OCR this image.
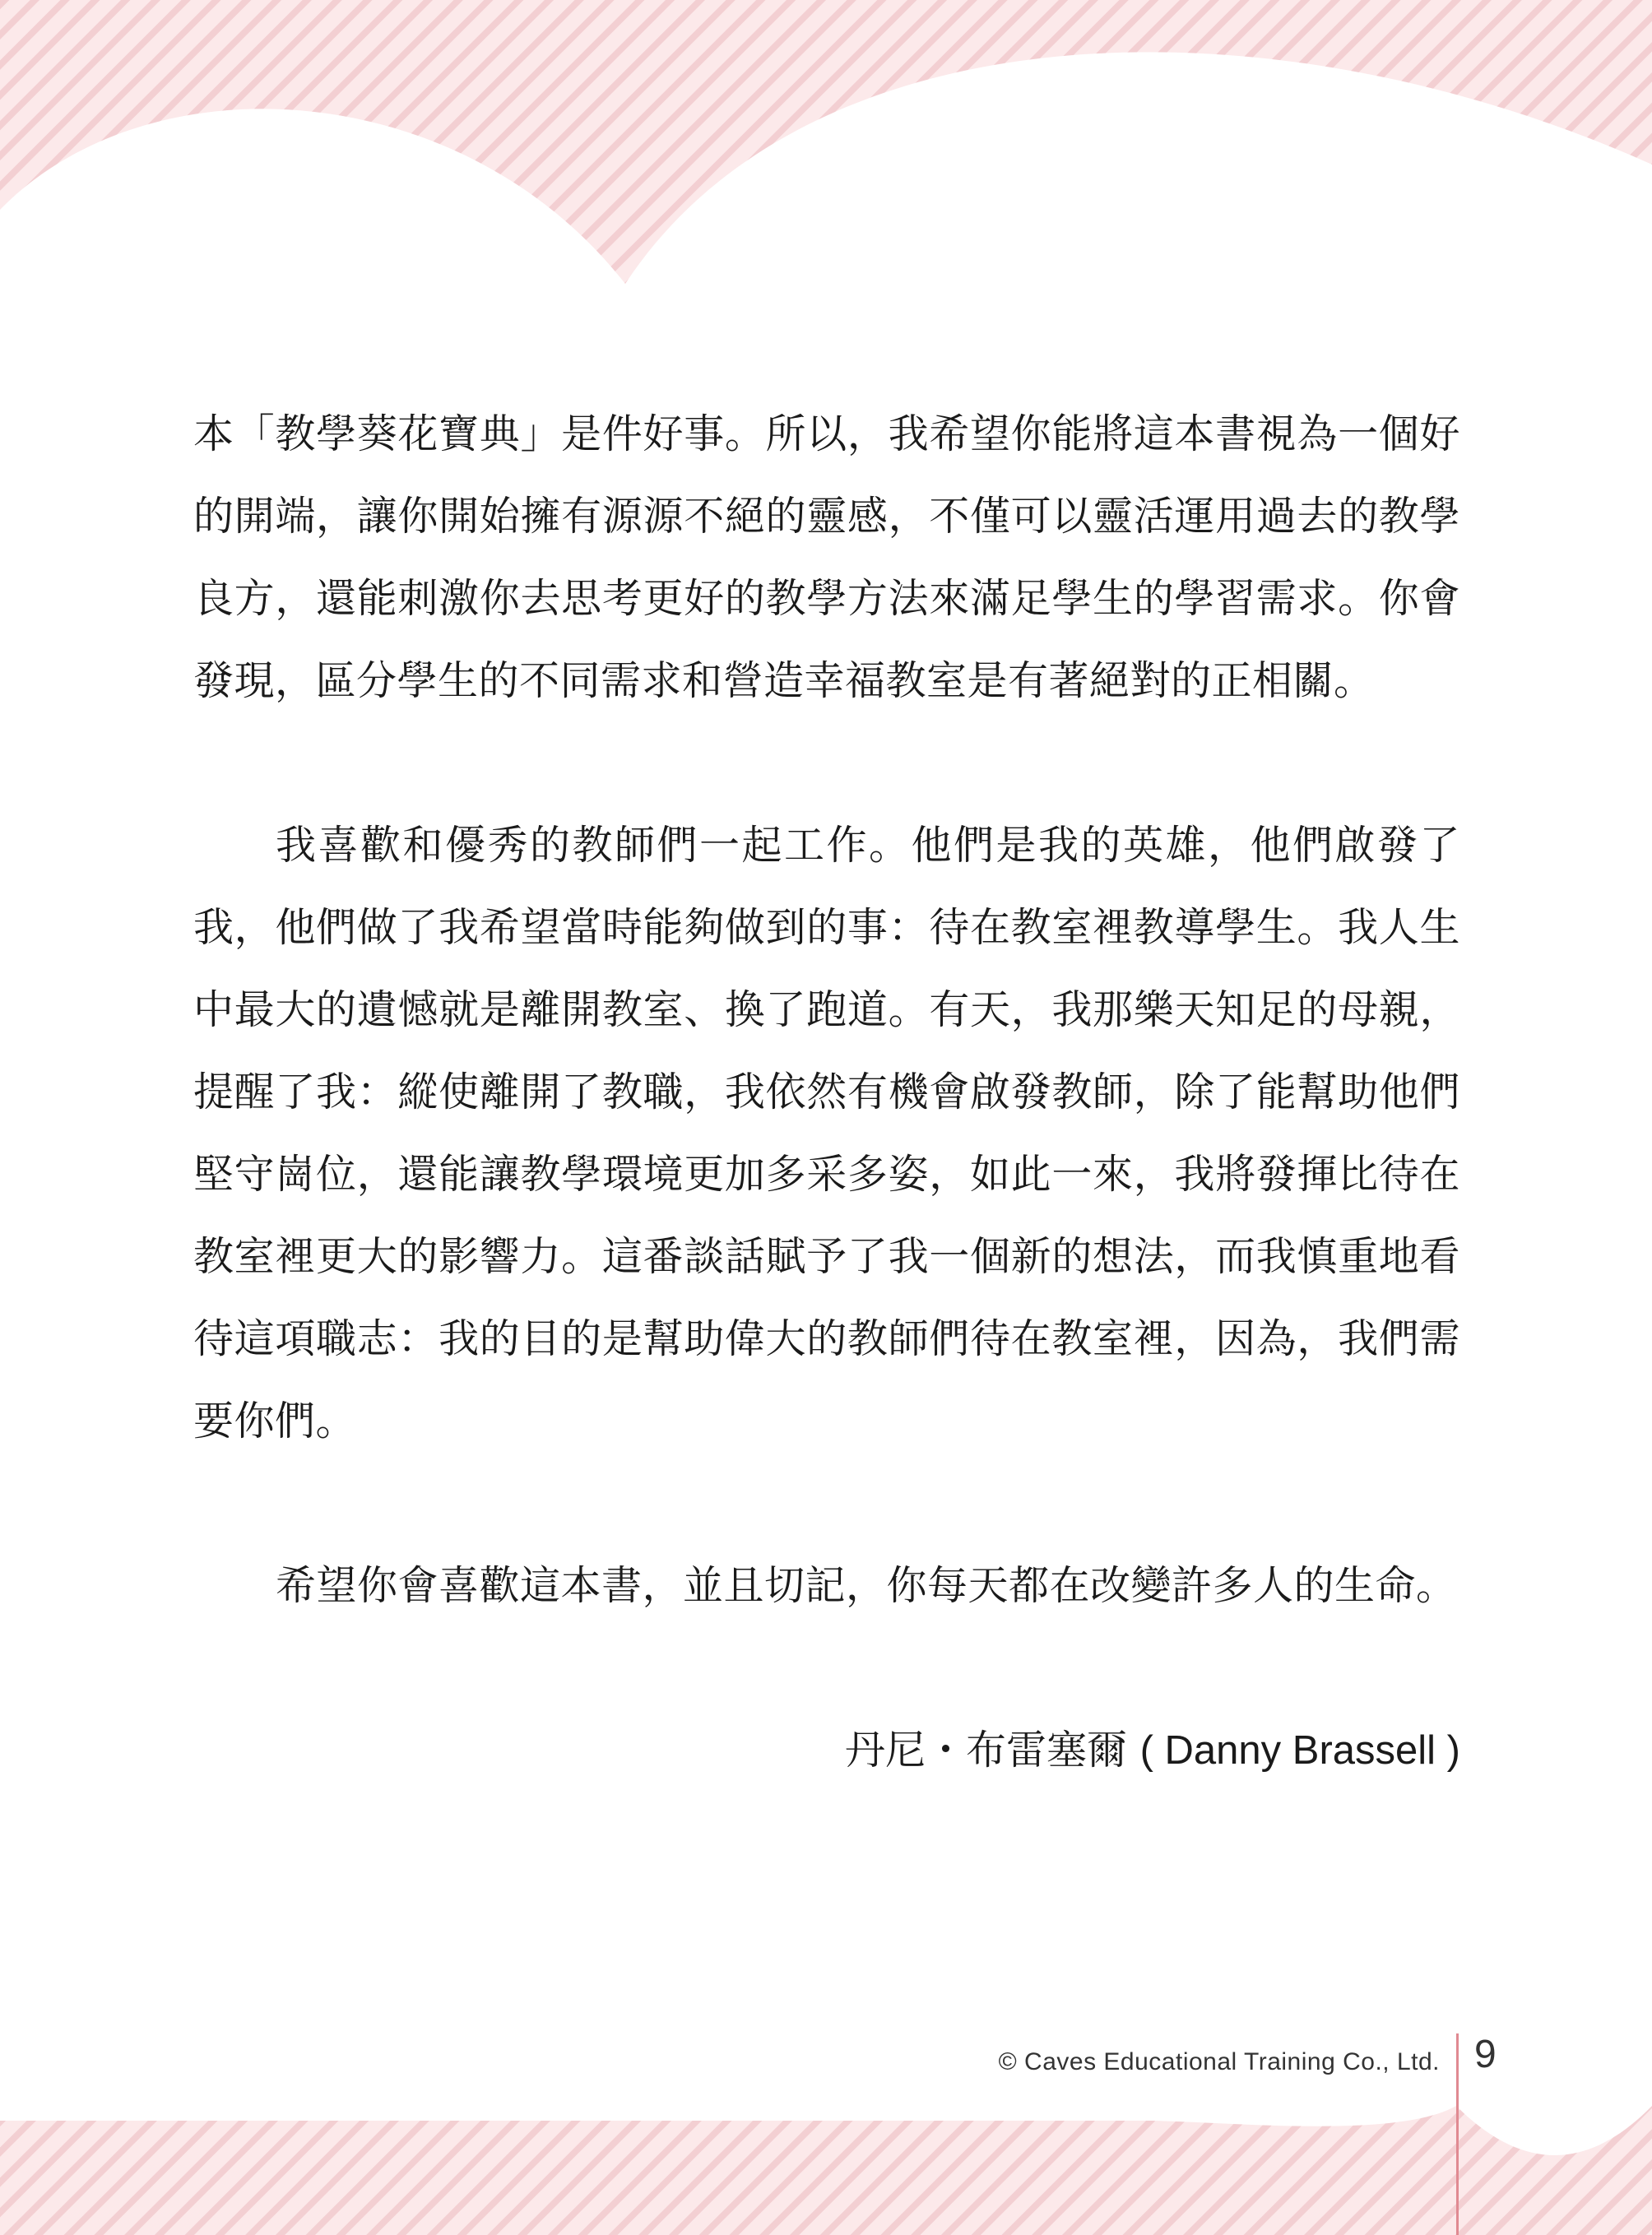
本「教學葵花寶典」是件好事。所以，我希望你能將這本書視為一個好的開端，讓你開始擁有源源不絕的靈感，不僅可以靈活運用過去的教學良方，還能刺激你去思考更好的教學方法來滿足學生的學習需求。你會發現，區分學生的不同需求和營造幸福教室是有著絕對的正相關。

我喜歡和優秀的教師們一起工作。他們是我的英雄，他們啟發了我，他們做了我希望當時能夠做到的事：待在教室裡教導學生。我人生中最大的遺憾就是離開教室、換了跑道。有天，我那樂天知足的母親，提醒了我：縱使離開了教職，我依然有機會啟發教師，除了能幫助他們堅守崗位，還能讓教學環境更加多采多姿，如此一來，我將發揮比待在教室裡更大的影響力。這番談話賦予了我一個新的想法，而我慎重地看待這項職志：我的目的是幫助偉大的教師們待在教室裡，因為，我們需要你們。

希望你會喜歡這本書，並且切記，你每天都在改變許多人的生命。

丹尼・布雷塞爾 ( Danny Brassell )
© Caves Educational Training Co., Ltd. 9
